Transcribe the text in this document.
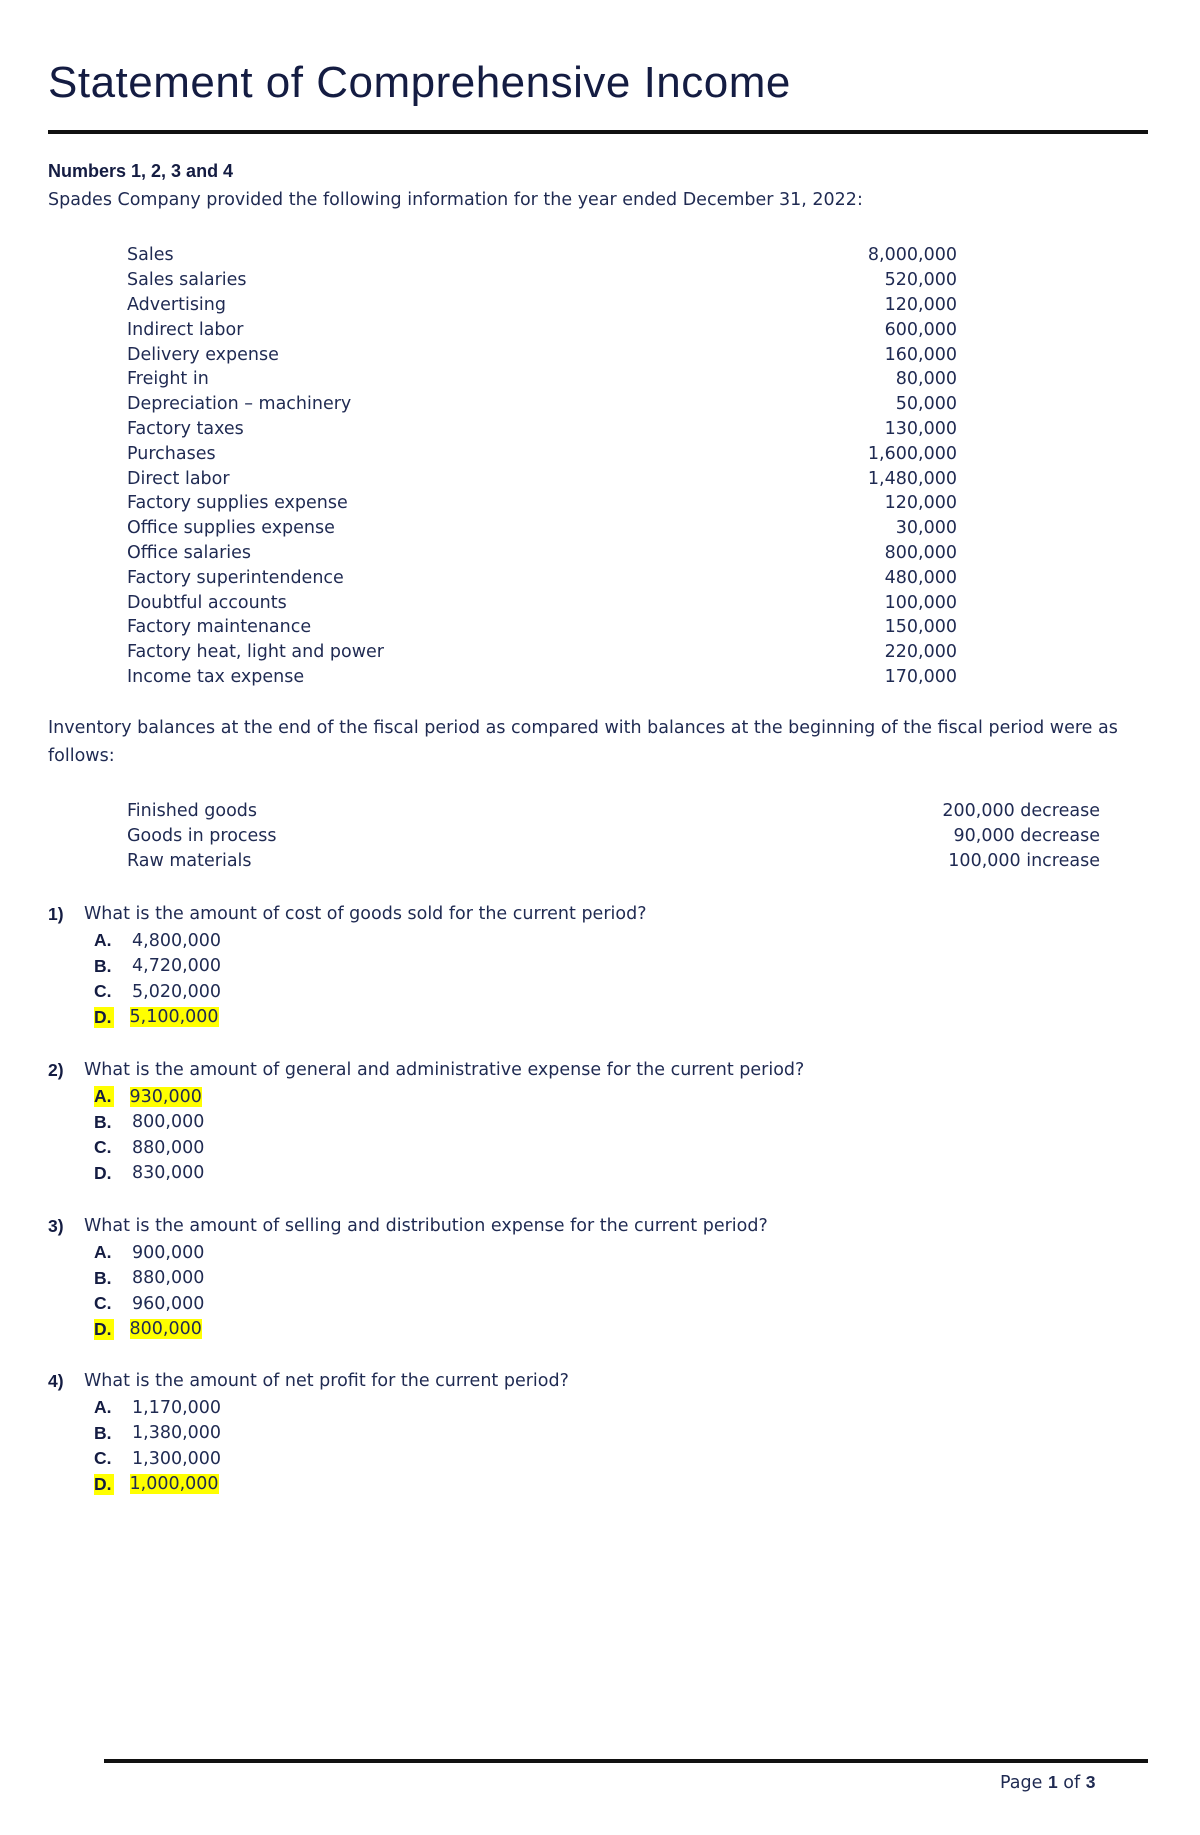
Statement of Comprehensive Income
Numbers 1, 2, 3 and 4
Spades Company provided the following information for the year ended December 31, 2022:
Sales	8,000,000
Sales salaries	520,000
Advertising	120,000
Indirect labor	600,000
Delivery expense	160,000
Freight in	80,000
Depreciation – machinery	50,000
Factory taxes	130,000
Purchases	1,600,000
Direct labor	1,480,000
Factory supplies expense	120,000
Office supplies expense	30,000
Office salaries	800,000
Factory superintendence	480,000
Doubtful accounts	100,000
Factory maintenance	150,000
Factory heat, light and power	220,000
Income tax expense	170,000
Inventory balances at the end of the fiscal period as compared with balances at the beginning of the fiscal period were as follows:
Finished goods	200,000 decrease
Goods in process	90,000 decrease
Raw materials	100,000 increase
1)	What is the amount of cost of goods sold for the current period?
A.	4,800,000
B.	4,720,000
C.	5,020,000
D. 5,100,000
2)	What is the amount of general and administrative expense for the current period?
A. 930,000
B.	800,000
C.	880,000
D.	830,000
3)	What is the amount of selling and distribution expense for the current period?
A.	900,000
B.	880,000
C.	960,000
D. 800,000
4)	What is the amount of net profit for the current period?
A.	1,170,000
B.	1,380,000
C.	1,300,000
D. 1,000,000
Page 1 of 3
